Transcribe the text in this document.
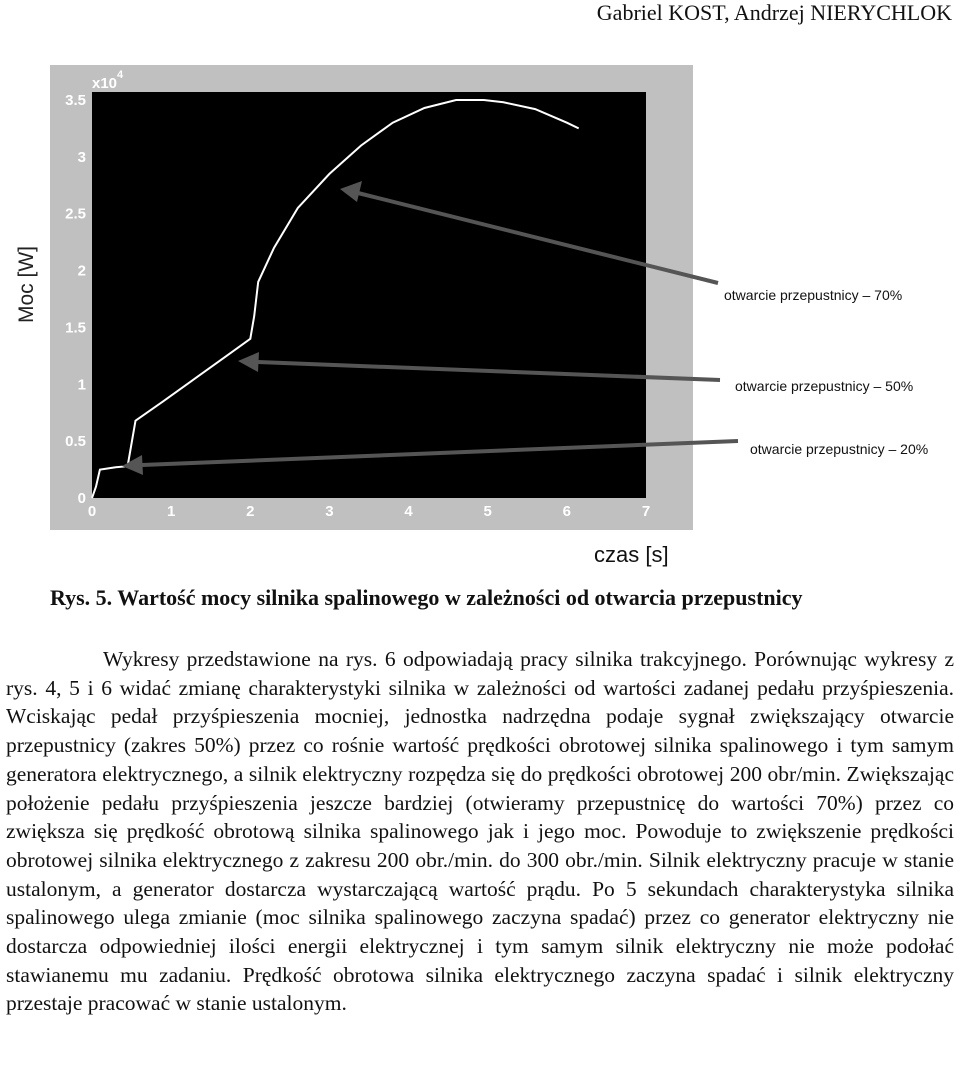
Gabriel KOST, Andrzej NIERYCHLOK
0
0.5
1
1.5
2
2.5
3
3.5
0	1	2	3	4	5	6	7
x10 4
otwarcie przepustnicy – 70%
otwarcie przepustnicy – 50%
otwarcie przepustnicy – 20%
Moc [W]
czas [s]
Rys. 5. Wartość mocy silnika spalinowego w zależności od otwarcia przepustnicy

Wykresy przedstawione na rys. 6 odpowiadają pracy silnika trakcyjnego. Porównując wykresy z rys. 4, 5 i 6 widać zmianę charakterystyki silnika w zależności od wartości zadanej pedału przyśpieszenia. Wciskając pedał przyśpieszenia mocniej, jednostka nadrzędna podaje sygnał zwiększający otwarcie przepustnicy (zakres 50%) przez co rośnie wartość prędkości obrotowej silnika spalinowego i tym samym generatora elektrycznego, a silnik elektryczny rozpędza się do prędkości obrotowej 200 obr/min. Zwiększając położenie pedału przyśpieszenia jeszcze bardziej (otwieramy przepustnicę do wartości 70%) przez co zwiększa się prędkość obrotową silnika spalinowego jak i jego moc. Powoduje to zwiększenie prędkości obrotowej silnika elektrycznego z zakresu 200 obr./min. do 300 obr./min. Silnik elektryczny pracuje w stanie ustalonym, a generator dostarcza wystarczającą wartość prądu. Po 5 sekundach charakterystyka silnika spalinowego ulega zmianie (moc silnika spalinowego zaczyna spadać) przez co generator elektryczny nie dostarcza odpowiedniej ilości energii elektrycznej i tym samym silnik elektryczny nie może podołać stawianemu mu zadaniu. Prędkość obrotowa silnika elektrycznego zaczyna spadać i silnik elektryczny przestaje pracować w stanie ustalonym.
